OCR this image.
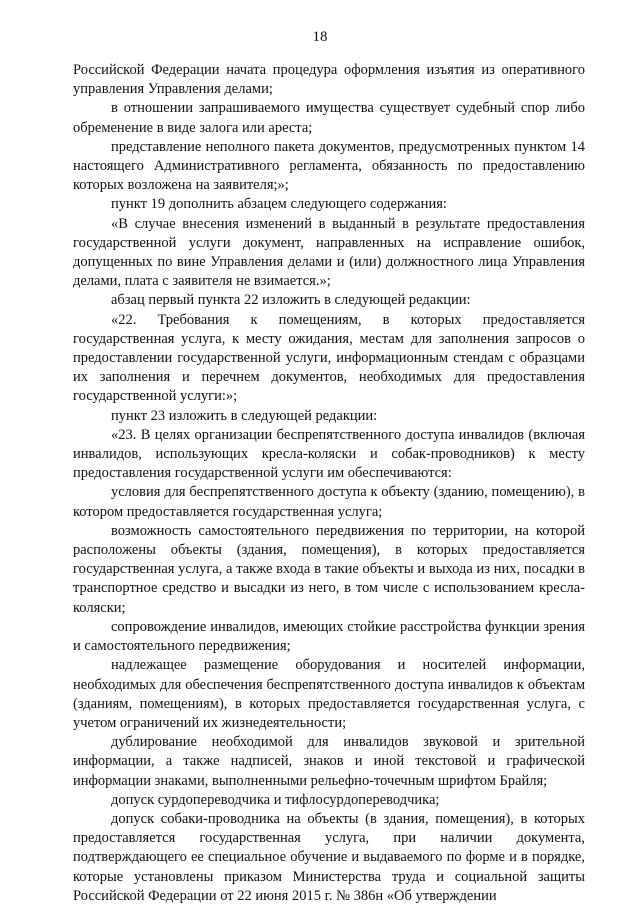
18

Российской Федерации начата процедура оформления изъятия из оперативного управления Управления делами;

в отношении запрашиваемого имущества существует судебный спор либо обременение в виде залога или ареста;

представление неполного пакета документов, предусмотренных пунктом 14 настоящего Административного регламента, обязанность по предоставлению которых возложена на заявителя;»;

пункт 19 дополнить абзацем следующего содержания:

«В случае внесения изменений в выданный в результате предоставления государственной услуги документ, направленных на исправление ошибок, допущенных по вине Управления делами и (или) должностного лица Управления делами, плата с заявителя не взимается.»;

абзац первый пункта 22 изложить в следующей редакции:

«22. Требования к помещениям, в которых предоставляется государственная услуга, к месту ожидания, местам для заполнения запросов о предоставлении государственной услуги, информационным стендам с образцами их заполнения и перечнем документов, необходимых для предоставления государственной услуги:»;

пункт 23 изложить в следующей редакции:

«23. В целях организации беспрепятственного доступа инвалидов (включая инвалидов, использующих кресла-коляски и собак-проводников) к месту предоставления государственной услуги им обеспечиваются:

условия для беспрепятственного доступа к объекту (зданию, помещению), в котором предоставляется государственная услуга;

возможность самостоятельного передвижения по территории, на которой расположены объекты (здания, помещения), в которых предоставляется государственная услуга, а также входа в такие объекты и выхода из них, посадки в транспортное средство и высадки из него, в том числе с использованием кресла-коляски;

сопровождение инвалидов, имеющих стойкие расстройства функции зрения и самостоятельного передвижения;

надлежащее размещение оборудования и носителей информации, необходимых для обеспечения беспрепятственного доступа инвалидов к объектам (зданиям, помещениям), в которых предоставляется государственная услуга, с учетом ограничений их жизнедеятельности;

дублирование необходимой для инвалидов звуковой и зрительной информации, а также надписей, знаков и иной текстовой и графической информации знаками, выполненными рельефно-точечным шрифтом Брайля;

допуск сурдопереводчика и тифлосурдопереводчика;

допуск собаки-проводника на объекты (в здания, помещения), в которых предоставляется государственная услуга, при наличии документа, подтверждающего ее специальное обучение и выдаваемого по форме и в порядке, которые установлены приказом Министерства труда и социальной защиты Российской Федерации от 22 июня 2015 г. № 386н «Об утверждении
